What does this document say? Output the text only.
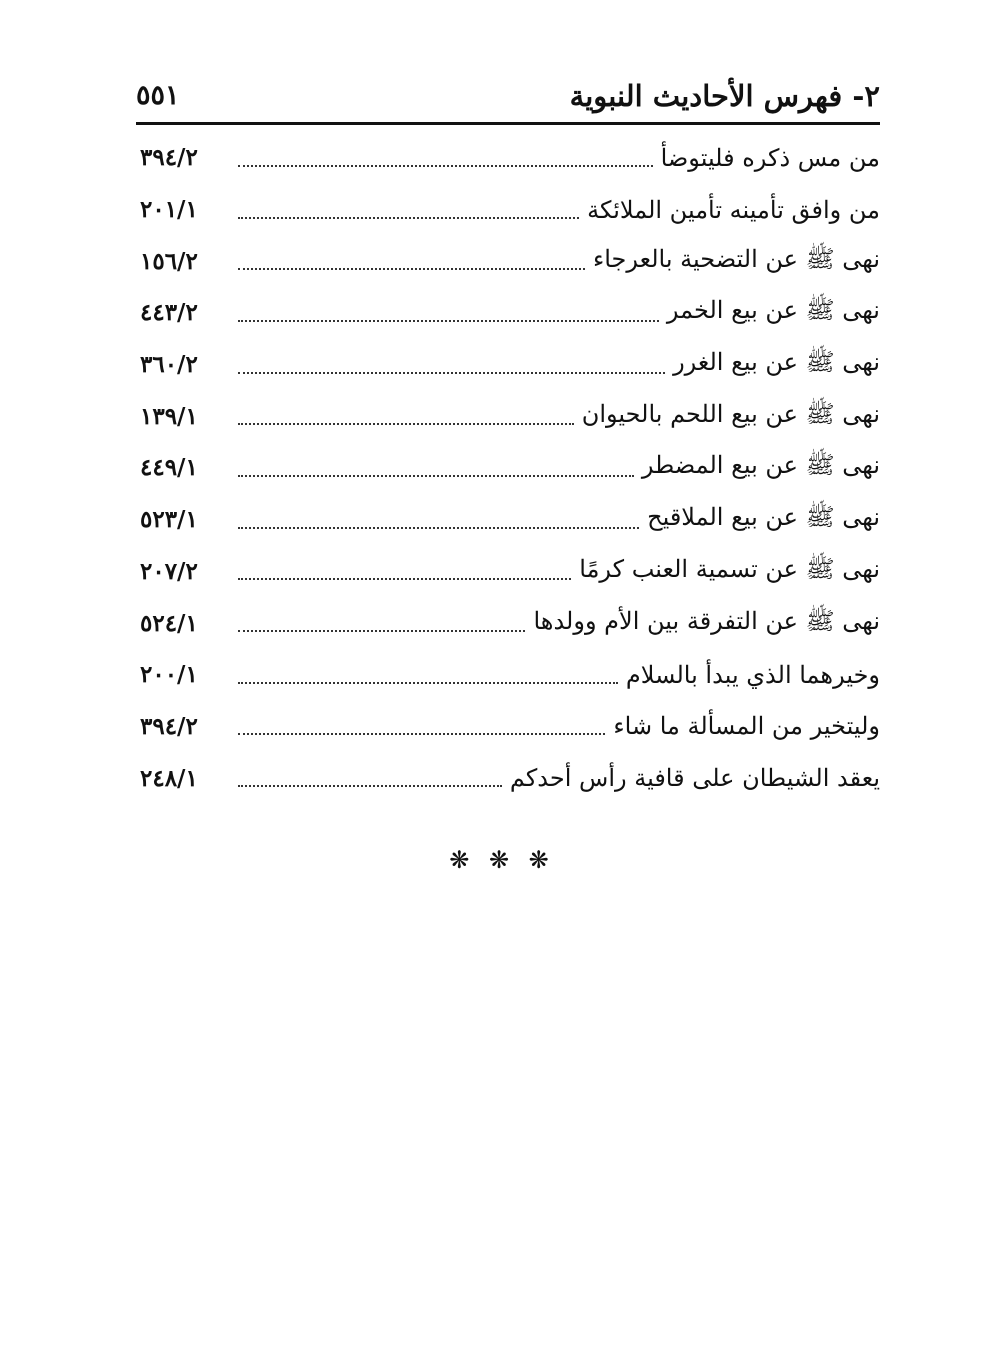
٢- فهرس الأحاديث النبوية
٥٥١
من مس ذكره فليتوضأ
٣٩٤/٢
من وافق تأمينه تأمين الملائكة
٢٠١/١
نهى ﷺ عن التضحية بالعرجاء
١٥٦/٢
نهى ﷺ عن بيع الخمر
٤٤٣/٢
نهى ﷺ عن بيع الغرر
٣٦٠/٢
نهى ﷺ عن بيع اللحم بالحيوان
١٣٩/١
نهى ﷺ عن بيع المضطر
٤٤٩/١
نهى ﷺ عن بيع الملاقيح
٥٢٣/١
نهى ﷺ عن تسمية العنب كرمًا
٢٠٧/٢
نهى ﷺ عن التفرقة بين الأم وولدها
٥٢٤/١
وخيرهما الذي يبدأ بالسلام
٢٠٠/١
وليتخير من المسألة ما شاء
٣٩٤/٢
يعقد الشيطان على قافية رأس أحدكم
٢٤٨/١
❋ ❋ ❋
